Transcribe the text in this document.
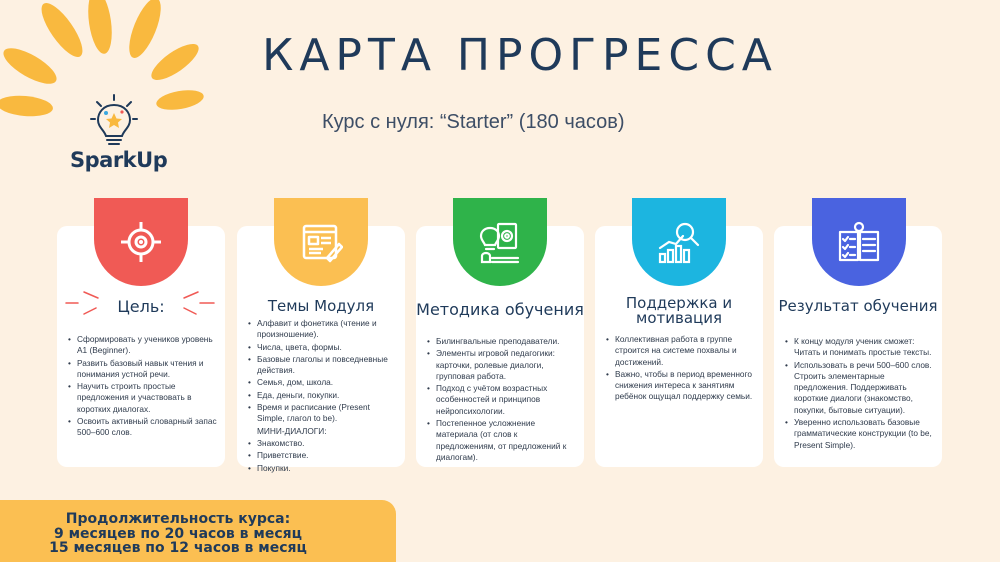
SparkUp
КАРТА ПРОГРЕССА
Курс с нуля: “Starter” (180 часов)
Цель:
• Сформировать у учеников уровень A1 (Beginner).
• Развить базовый навык чтения и понимания устной речи.
• Научить строить простые предложения и участвовать в коротких диалогах.
• Освоить активный словарный запас 500–600 слов.
Темы Модуля
• Алфавит и фонетика (чтение и произношение).
• Числа, цвета, формы.
• Базовые глаголы и повседневные действия.
• Семья, дом, школа.
• Еда, деньги, покупки.
• Время и расписание (Present Simple, глагол to be).
МИНИ-ДИАЛОГИ:
• Знакомство.
• Приветствие.
• Покупки.
Методика обучения
• Билингвальные преподаватели.
• Элементы игровой педагогики: карточки, ролевые диалоги, групповая работа.
• Подход с учётом возрастных особенностей и принципов нейропсихологии.
• Постепенное усложнение материала (от слов к предложениям, от предложений к диалогам).
Поддержка и мотивация
• Коллективная работа в группе строится на системе похвалы и достижений.
• Важно, чтобы в период временного снижения интереса к занятиям ребёнок ощущал поддержку семьи.
Результат обучения
• К концу модуля ученик сможет: Читать и понимать простые тексты.
• Использовать в речи 500–600 слов. Строить элементарные предложения. Поддерживать короткие диалоги (знакомство, покупки, бытовые ситуации).
• Уверенно использовать базовые грамматические конструкции (to be, Present Simple).
Продолжительность курса:
9 месяцев по 20 часов в месяц
15 месяцев по 12 часов в месяц
